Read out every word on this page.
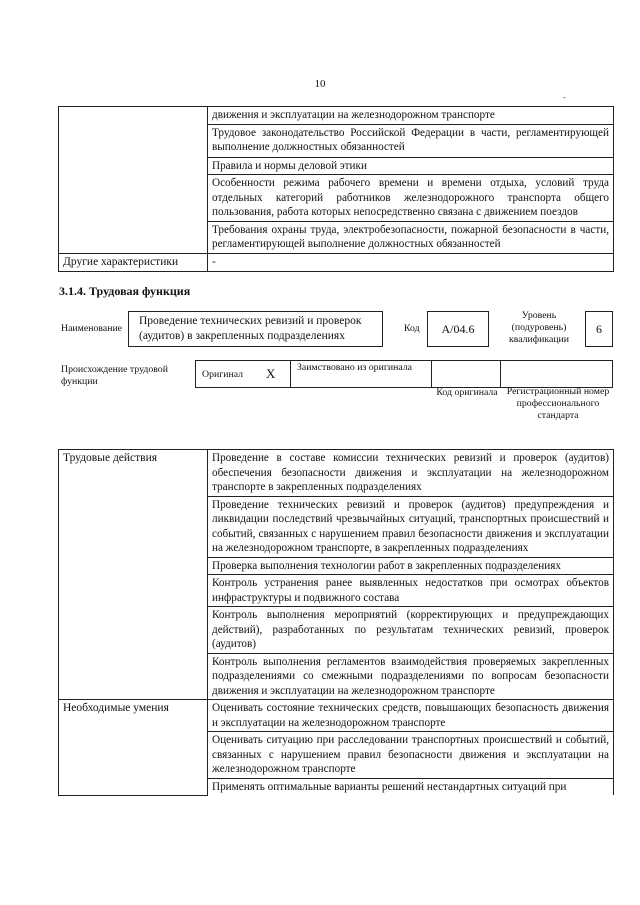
10
-
	движения и эксплуатации на железнодорожном транспорте
	Трудовое законодательство Российской Федерации в части, регламентирующей выполнение должностных обязанностей
	Правила и нормы деловой этики
	Особенности режима рабочего времени и времени отдыха, условий труда отдельных категорий работников железнодорожного транспорта общего пользования, работа которых непосредственно связана с движением поездов
	Требования охраны труда, электробезопасности, пожарной безопасности в части, регламентирующей выполнение должностных обязанностей
Другие характеристики	-
3.1.4. Трудовая функция
Наименование
Проведение технических ревизий и проверок (аудитов) в закрепленных подразделениях
Код	А/04.6
Уровень (подуровень) квалификации
6
Происхождение трудовой функции
Оригинал X	Заимствовано из оригинала
Код оригинала Регистрационный номер профессионального стандарта
Трудовые действия	Проведение в составе комиссии технических ревизий и проверок (аудитов) обеспечения безопасности движения и эксплуатации на железнодорожном транспорте в закрепленных подразделениях
	Проведение технических ревизий и проверок (аудитов) предупреждения и ликвидации последствий чрезвычайных ситуаций, транспортных происшествий и событий, связанных с нарушением правил безопасности движения и эксплуатации на железнодорожном транспорте, в закрепленных подразделениях
	Проверка выполнения технологии работ в закрепленных подразделениях
	Контроль устранения ранее выявленных недостатков при осмотрах объектов инфраструктуры и подвижного состава
	Контроль выполнения мероприятий (корректирующих и предупреждающих действий), разработанных по результатам технических ревизий, проверок (аудитов)
	Контроль выполнения регламентов взаимодействия проверяемых закрепленных подразделениями со смежными подразделениями по вопросам безопасности движения и эксплуатации на железнодорожном транспорте
Необходимые умения	Оценивать состояние технических средств, повышающих безопасность движения и эксплуатации на железнодорожном транспорте
	Оценивать ситуацию при расследовании транспортных происшествий и событий, связанных с нарушением правил безопасности движения и эксплуатации на железнодорожном транспорте
	Применять оптимальные варианты решений нестандартных ситуаций при
